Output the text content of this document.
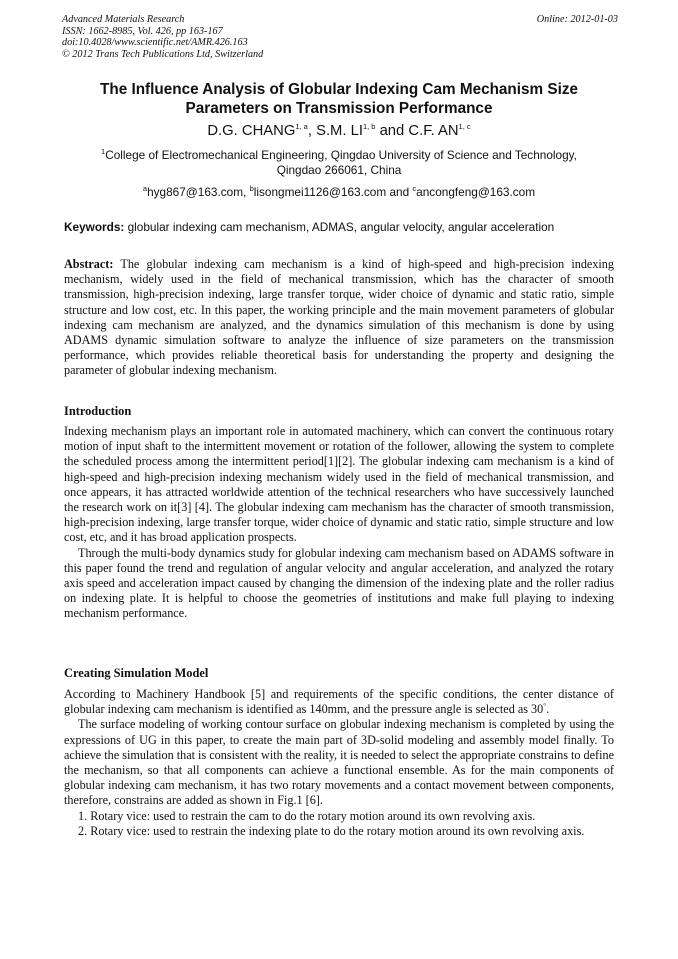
Advanced Materials Research
ISSN: 1662-8985, Vol. 426, pp 163-167
doi:10.4028/www.scientific.net/AMR.426.163
© 2012 Trans Tech Publications Ltd, Switzerland
Online: 2012-01-03
The Influence Analysis of Globular Indexing Cam Mechanism Size
Parameters on Transmission Performance
D.G. CHANG$^{1, a}$, S.M. LI$^{1, b}$ and C.F. AN$^{1, c}$
$^1$College of Electromechanical Engineering, Qingdao University of Science and Technology,
Qingdao 266061, China
$^a$hyg867@163.com, $^b$lisongmei1126@163.com and $^c$ancongfeng@163.com
Keywords: globular indexing cam mechanism, ADMAS, angular velocity, angular acceleration

Abstract: The globular indexing cam mechanism is a kind of high-speed and high-precision indexing mechanism, widely used in the field of mechanical transmission, which has the character of smooth transmission, high-precision indexing, large transfer torque, wider choice of dynamic and static ratio, simple structure and low cost, etc. In this paper, the working principle and the main movement parameters of globular indexing cam mechanism are analyzed, and the dynamics simulation of this mechanism is done by using ADAMS dynamic simulation software to analyze the influence of size parameters on the transmission performance, which provides reliable theoretical basis for understanding the property and designing the parameter of globular indexing mechanism.

Introduction

Indexing mechanism plays an important role in automated machinery, which can convert the continuous rotary motion of input shaft to the intermittent movement or rotation of the follower, allowing the system to complete the scheduled process among the intermittent period[1][2]. The globular indexing cam mechanism is a kind of high-speed and high-precision indexing mechanism widely used in the field of mechanical transmission, and once appears, it has attracted worldwide attention of the technical researchers who have successively launched the research work on it[3] [4]. The globular indexing cam mechanism has the character of smooth transmission, high-precision indexing, large transfer torque, wider choice of dynamic and static ratio, simple structure and low cost, etc, and it has broad application prospects.

Through the multi-body dynamics study for globular indexing cam mechanism based on ADAMS software in this paper found the trend and regulation of angular velocity and angular acceleration, and analyzed the rotary axis speed and acceleration impact caused by changing the dimension of the indexing plate and the roller radius on indexing plate. It is helpful to choose the geometries of institutions and make full playing to indexing mechanism performance.

Creating Simulation Model

According to Machinery Handbook [5] and requirements of the specific conditions, the center distance of globular indexing cam mechanism is identified as 140mm, and the pressure angle is selected as 30°.

The surface modeling of working contour surface on globular indexing mechanism is completed by using the expressions of UG in this paper, to create the main part of 3D-solid modeling and assembly model finally. To achieve the simulation that is consistent with the reality, it is needed to select the appropriate constrains to define the mechanism, so that all components can achieve a functional ensemble. As for the main components of globular indexing cam mechanism, it has two rotary movements and a contact movement between components, therefore, constrains are added as shown in Fig.1 [6].

1. Rotary vice: used to restrain the cam to do the rotary motion around its own revolving axis.

2. Rotary vice: used to restrain the indexing plate to do the rotary motion around its own revolving axis.
